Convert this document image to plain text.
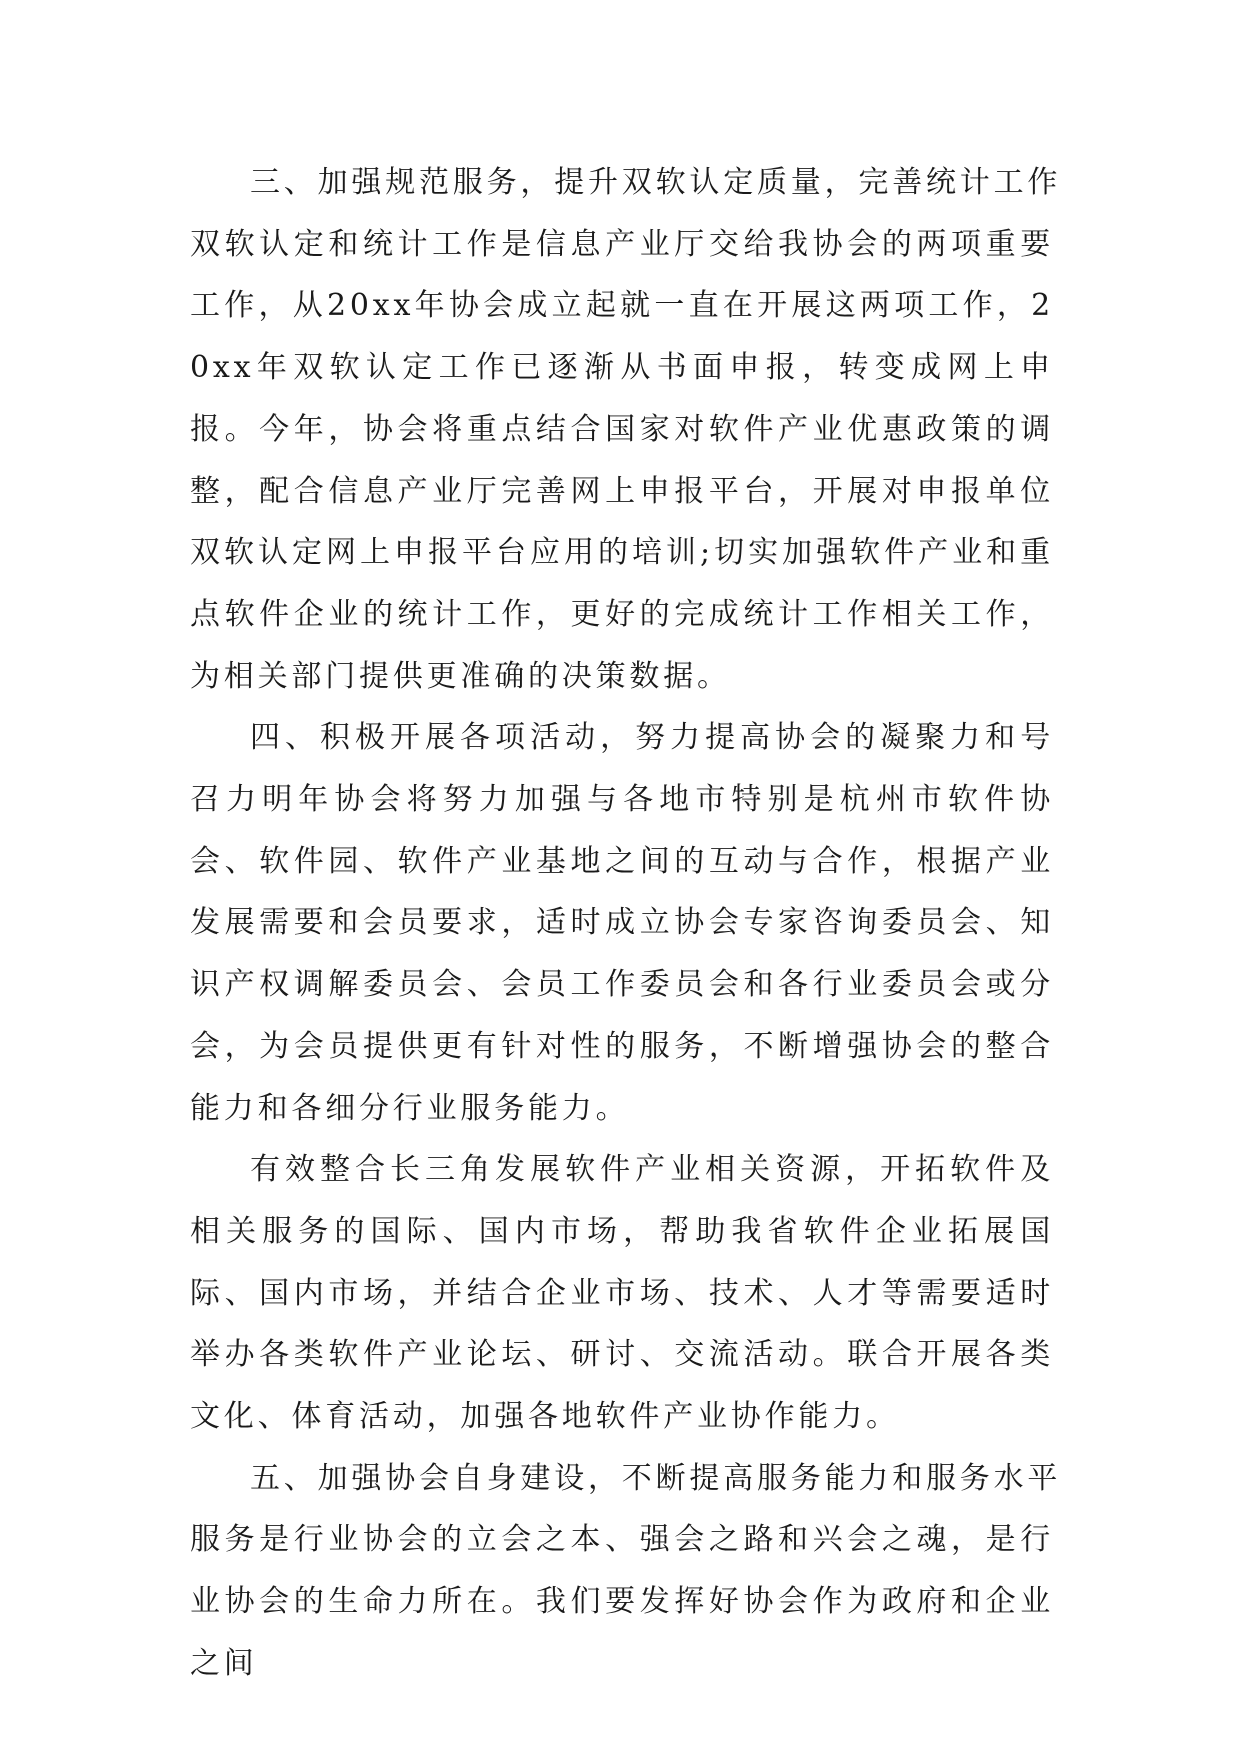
三、加强规范服务，提升双软认定质量，完善统计工作

双软认定和统计工作是信息产业厅交给我协会的两项重要工作，从20xx年协会成立起就一直在开展这两项工作，20xx年双软认定工作已逐渐从书面申报，转变成网上申报。今年，协会将重点结合国家对软件产业优惠政策的调整，配合信息产业厅完善网上申报平台，开展对申报单位双软认定网上申报平台应用的培训;切实加强软件产业和重点软件企业的统计工作，更好的完成统计工作相关工作，为相关部门提供更准确的决策数据。

四、积极开展各项活动，努力提高协会的凝聚力和号召力明年协会将努力加强与各地市特别是杭州市软件协会、软件园、软件产业基地之间的互动与合作，根据产业发展需要和会员要求，适时成立协会专家咨询委员会、知识产权调解委员会、会员工作委员会和各行业委员会或分会，为会员提供更有针对性的服务，不断增强协会的整合能力和各细分行业服务能力。

有效整合长三角发展软件产业相关资源，开拓软件及相关服务的国际、国内市场，帮助我省软件企业拓展国际、国内市场，并结合企业市场、技术、人才等需要适时举办各类软件产业论坛、研讨、交流活动。联合开展各类文化、体育活动，加强各地软件产业协作能力。

五、加强协会自身建设，不断提高服务能力和服务水平

服务是行业协会的立会之本、强会之路和兴会之魂，是行业协会的生命力所在。我们要发挥好协会作为政府和企业之间
